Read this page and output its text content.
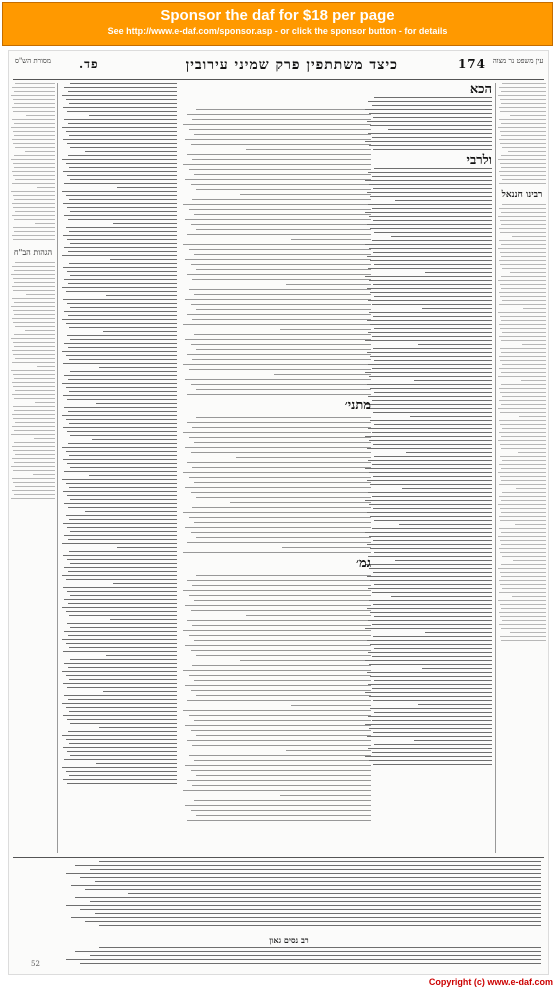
Sponsor the daf for $18 per page
See http://www.e-daf.com/sponsor.asp - or click the sponsor button - for details
עין משפט נר מצוה
174
כיצד משתתפין פרק שמיני עירובין
פד.
מסורת הש"ס
רבינו חננאל
הכא
ולרבי
מתני׳
גמ׳
הגהות הב"ח
רב נסים גאון
52
Copyright (c) www.e-daf.com
